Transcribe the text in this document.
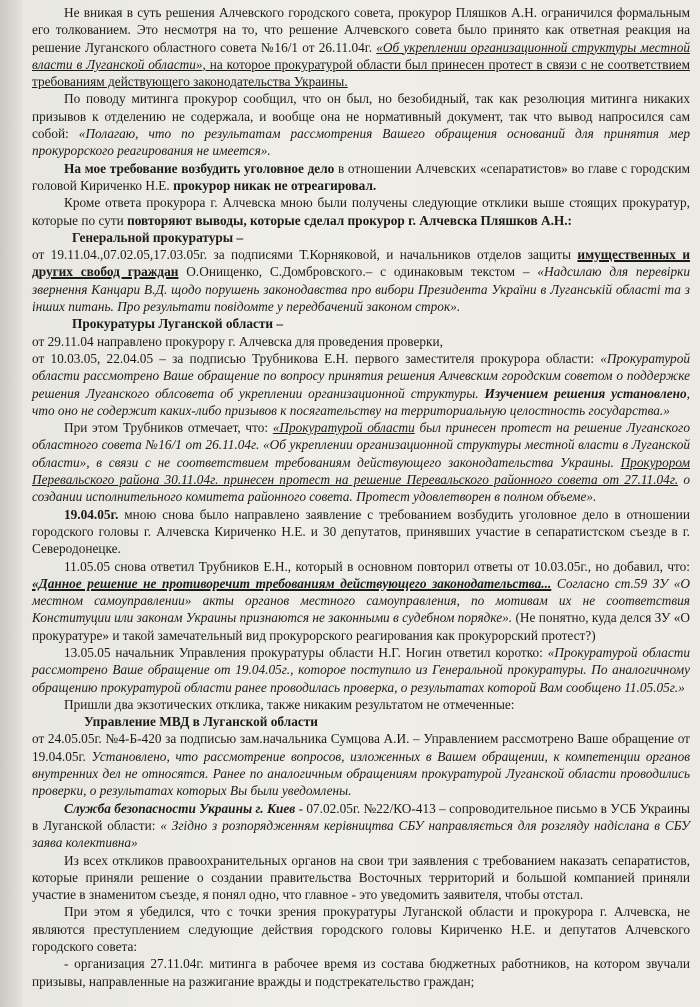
Не вникая в суть решения Алчевского городского совета, прокурор Пляшков А.Н. ограничился формальным его толкованием. Это несмотря на то, что решение Алчевского совета было принято как ответная реакция на решение Луганского областного совета №16/1 от 26.11.04г. «Об укреплении организационной структуры местной власти в Луганской области», на которое прокуратурой области был принесен протест в связи с не соответствием требованиям действующего законодательства Украины.

По поводу митинга прокурор сообщил, что он был, но безобидный, так как резолюция митинга никаких призывов к отделению не содержала, и вообще она не нормативный документ, так что вывод напросился сам собой: «Полагаю, что по результатам рассмотрения Вашего обращения оснований для принятия мер прокурорского реагирования не имеется».

На мое требование возбудить уголовное дело в отношении Алчевских «сепаратистов» во главе с городским головой Кириченко Н.Е. прокурор никак не отреагировал.

Кроме ответа прокурора г. Алчевска мною были получены следующие отклики выше стоящих прокуратур, которые по сути повторяют выводы, которые сделал прокурор г. Алчевска Пляшков А.Н.:

Генеральной прокуратуры –

от 19.11.04.,07.02.05,17.03.05г. за подписями Т.Корняковой, и начальников отделов защиты имущественных и других свобод граждан О.Онищенко, С.Домбровского.– с одинаковым текстом – «Надсилаю для перевірки звернення Канцари В.Д. щодо порушень законодавства про вибори Президента України в Луганській області та з інших питань. Про результати повідомте у передбачений законом строк».

Прокуратуры Луганской области –

от 29.11.04 направлено прокурору г. Алчевска для проведения проверки,

от 10.03.05, 22.04.05 – за подписью Трубникова Е.Н. первого заместителя прокурора области: «Прокуратурой области рассмотрено Ваше обращение по вопросу принятия решения Алчевским городским советом о поддержке решения Луганского облсовета об укреплении организационной структуры. Изучением решения установлено, что оно не содержит каких-либо призывов к посягательству на территориальную целостность государства.»

При этом Трубников отмечает, что: «Прокуратурой области был принесен протест на решение Луганского областного совета №16/1 от 26.11.04г. «Об укреплении организационной структуры местной власти в Луганской области», в связи с не соответствием требованиям действующего законодательства Украины. Прокурором Перевальского района 30.11.04г. принесен протест на решение Перевальского районного совета от 27.11.04г. о создании исполнительного комитета районного совета. Протест удовлетворен в полном объеме».

19.04.05г. мною снова было направлено заявление с требованием возбудить уголовное дело в отношении городского головы г. Алчевска Кириченко Н.Е. и 30 депутатов, принявших участие в сепаратистском съезде в г. Северодонецке.

11.05.05 снова ответил Трубников Е.Н., который в основном повторил ответы от 10.03.05г., но добавил, что: «Данное решение не противоречит требованиям действующего законодательства... Согласно ст.59 ЗУ «О местном самоуправлении» акты органов местного самоуправления, по мотивам их не соответствия Конституции или законам Украины признаются не законными в судебном порядке». (Не понятно, куда делся ЗУ «О прокуратуре» и такой замечательный вид прокурорского реагирования как прокурорский протест?)

13.05.05 начальник Управления прокуратуры области Н.Г. Ногин ответил коротко: «Прокуратурой области рассмотрено Ваше обращение от 19.04.05г., которое поступило из Генеральной прокуратуры. По аналогичному обращению прокуратурой области ранее проводилась проверка, о результатах которой Вам сообщено 11.05.05г.»

Пришли два экзотических отклика, также никаким результатом не отмеченные:

Управление МВД в Луганской области

от 24.05.05г. №4-Б-420 за подписью зам.начальника Сумцова А.И. – Управлением рассмотрено Ваше обращение от 19.04.05г. Установлено, что рассмотрение вопросов, изложенных в Вашем обращении, к компетенции органов внутренних дел не относятся. Ранее по аналогичным обращениям прокуратурой Луганской области проводились проверки, о результатах которых Вы были уведомлены.

Служба безопасности Украины г. Киев - 07.02.05г. №22/КО-413 – сопроводительное письмо в УСБ Украины в Луганской области: « Згідно з розпорядженням керівництва СБУ направляється для розгляду надіслана в СБУ заява колективна»

Из всех откликов правоохранительных органов на свои три заявления с требованием наказать сепаратистов, которые приняли решение о создании правительства Восточных территорий и большой компанией приняли участие в знаменитом съезде, я понял одно, что главное - это уведомить заявителя, чтобы отстал.

При этом я убедился, что с точки зрения прокуратуры Луганской области и прокурора г. Алчевска, не являются преступлением следующие действия городского головы Кириченко Н.Е. и депутатов Алчевского городского совета:

- организация 27.11.04г. митинга в рабочее время из состава бюджетных работников, на котором звучали призывы, направленные на разжигание вражды и подстрекательство граждан;
